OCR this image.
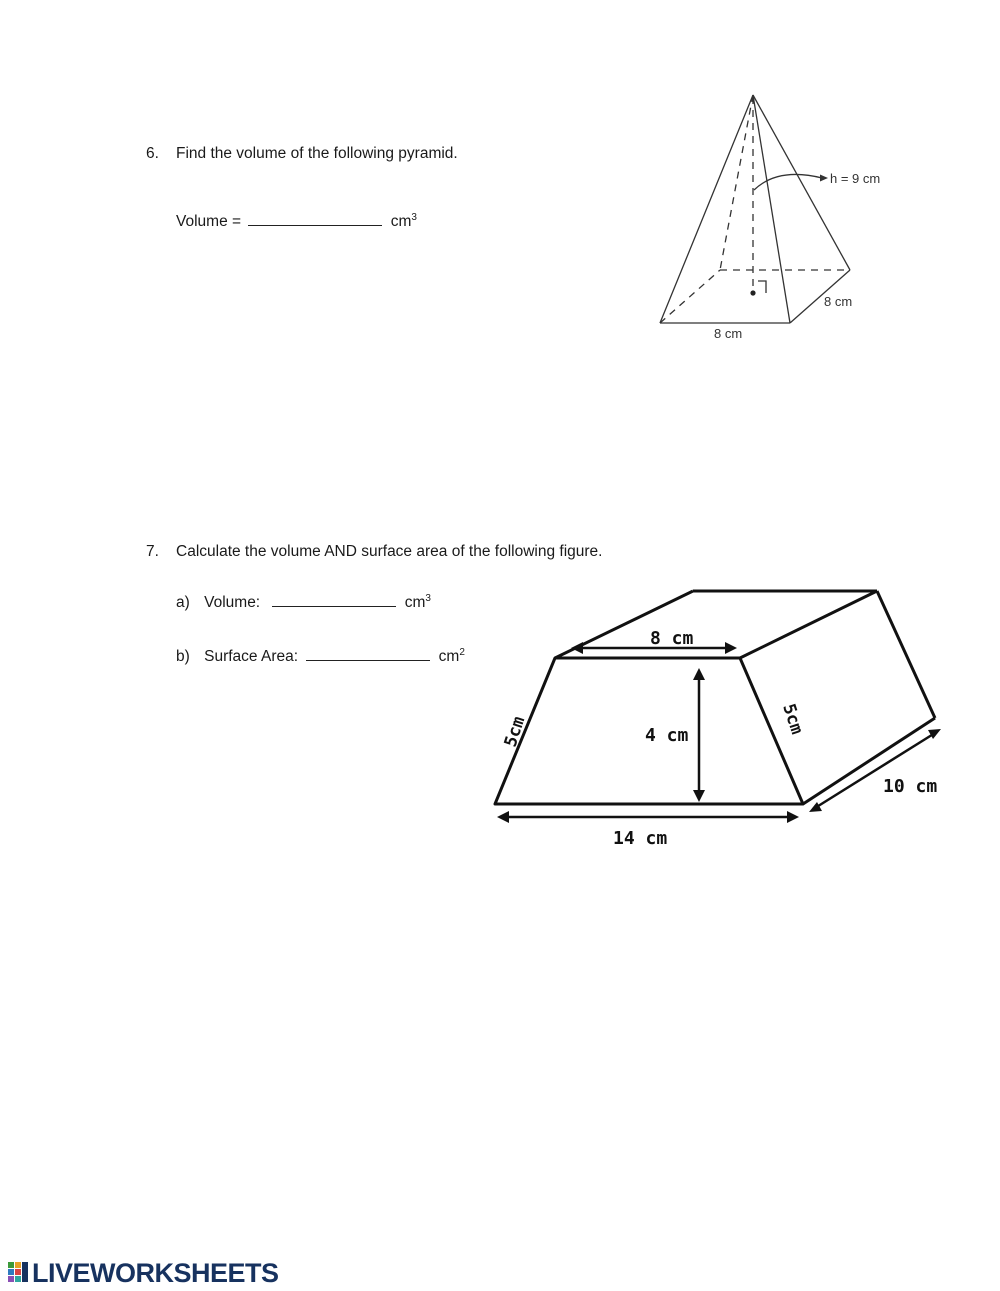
6. Find the volume of the following pyramid.
Volume =	$cm^3$
h = 9 cm
8 cm
8 cm
7. Calculate the volume AND surface area of the following figure.
a) Volume:	$cm^3$
b) Surface Area:	$cm^2$
8 cm
4 cm
5cm	5cm
14 cm
10 cm
LIVEWORKSHEETS
